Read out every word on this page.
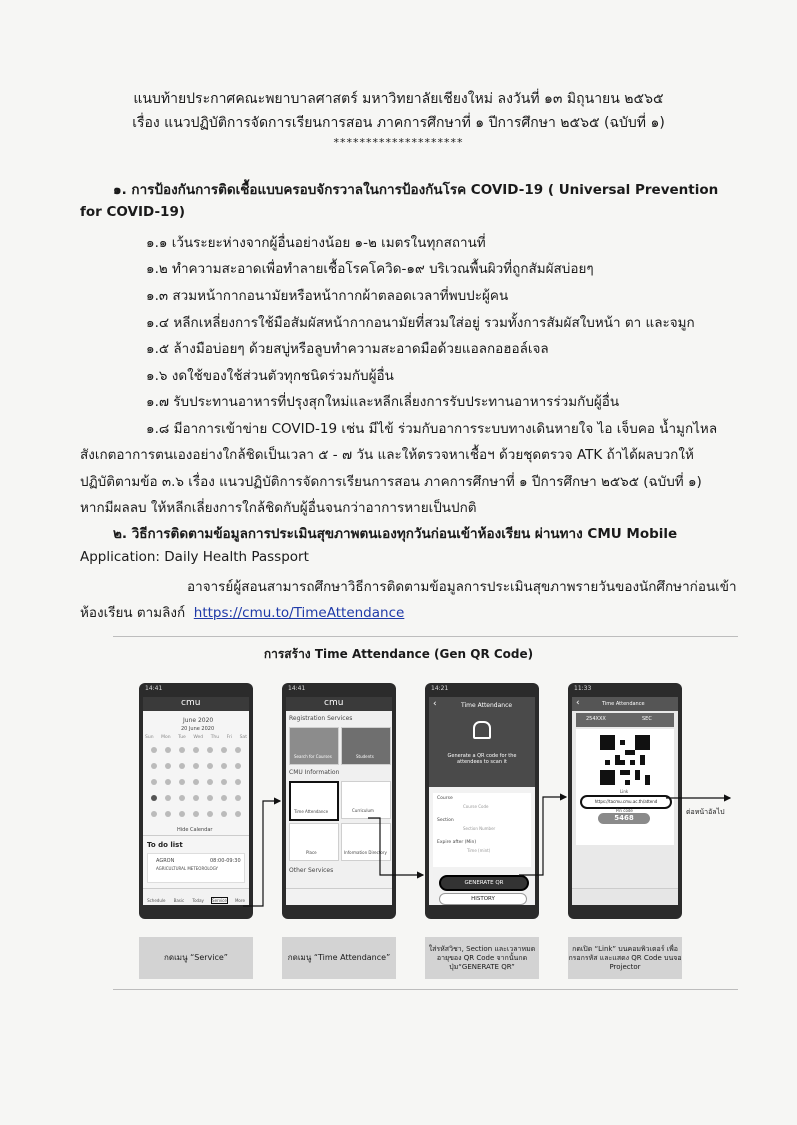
แนบท้ายประกาศคณะพยาบาลศาสตร์ มหาวิทยาลัยเชียงใหม่ ลงวันที่ ๑๓ มิถุนายน ๒๕๖๕
เรื่อง แนวปฏิบัติการจัดการเรียนการสอน ภาคการศึกษาที่ ๑ ปีการศึกษา ๒๕๖๕ (ฉบับที่ ๑)
********************
๑. การป้องกันการติดเชื้อแบบครอบจักรวาลในการป้องกันโรค COVID-19 ( Universal Prevention
for COVID-19)
๑.๑ เว้นระยะห่างจากผู้อื่นอย่างน้อย ๑-๒ เมตรในทุกสถานที่
๑.๒ ทำความสะอาดเพื่อทำลายเชื้อโรคโควิด-๑๙ บริเวณพื้นผิวที่ถูกสัมผัสบ่อยๆ
๑.๓ สวมหน้ากากอนามัยหรือหน้ากากผ้าตลอดเวลาที่พบปะผู้คน
๑.๔ หลีกเหลี่ยงการใช้มือสัมผัสหน้ากากอนามัยที่สวมใส่อยู่ รวมทั้งการสัมผัสใบหน้า ตา และจมูก
๑.๕ ล้างมือบ่อยๆ ด้วยสบู่หรือลูบทำความสะอาดมือด้วยแอลกอฮอล์เจล
๑.๖ งดใช้ของใช้ส่วนตัวทุกชนิดร่วมกับผู้อื่น
๑.๗ รับประทานอาหารที่ปรุงสุกใหม่และหลีกเลี่ยงการรับประทานอาหารร่วมกับผู้อื่น
๑.๘ มีอาการเข้าข่าย COVID-19 เช่น มีไข้ ร่วมกับอาการระบบทางเดินหายใจ ไอ เจ็บคอ น้ำมูกไหล
สังเกตอาการตนเองอย่างใกล้ชิดเป็นเวลา ๕ - ๗ วัน และให้ตรวจหาเชื้อฯ ด้วยชุดตรวจ ATK ถ้าได้ผลบวกให้
ปฏิบัติตามข้อ ๓.๖ เรื่อง แนวปฏิบัติการจัดการเรียนการสอน ภาคการศึกษาที่ ๑ ปีการศึกษา ๒๕๖๕ (ฉบับที่ ๑)
หากมีผลลบ ให้หลีกเลี่ยงการใกล้ชิดกับผู้อื่นจนกว่าอาการหายเป็นปกติ
๒. วิธีการติดตามข้อมูลการประเมินสุขภาพตนเองทุกวันก่อนเข้าห้องเรียน ผ่านทาง CMU Mobile
Application: Daily Health Passport
อาจารย์ผู้สอนสามารถศึกษาวิธีการติดตามข้อมูลการประเมินสุขภาพรายวันของนักศึกษาก่อนเข้า
ห้องเรียน ตามลิงก์ https://cmu.to/TimeAttendance
การสร้าง Time Attendance (Gen QR Code)
14:41
cmu
June 2020
20 June 2020
Sun Mon Tue Wed Thu Fri Sat
Hide Calendar
To do list
AGRON	08:00-09:30
AGRICULTURAL METEOROLOGY
Schedule Basic Today Service More
14:41
cmu
Registration Services
Search for Courses	Students
CMU Information
Time Attendance	Curriculum
Place	Information Directory
Other Services
14:21
‹	Time Attendance
Generate a QR code for the attendees to scan it
Course
Course Code
Section
Section Number
Expire after (Min)
Time (mint)
GENERATE QR
HISTORY
11:33
‹	Time Attendance
254XXX	SEC
Link
https://tacmu.cmu.ac.th/attend
Pin code
5468
ต่อหน้าอัลไป
กดเมนู “Service”	กดเมนู “Time Attendance”
ใส่รหัสวิชา, Section และเวลาหมดอายุของ QR Code จากนั้นกดปุ่ม“GENERATE QR”
กดเปิด “Link” บนคอมพิวเตอร์ เพื่อกรอกรหัส และแสดง QR Code บนจอ Projector
